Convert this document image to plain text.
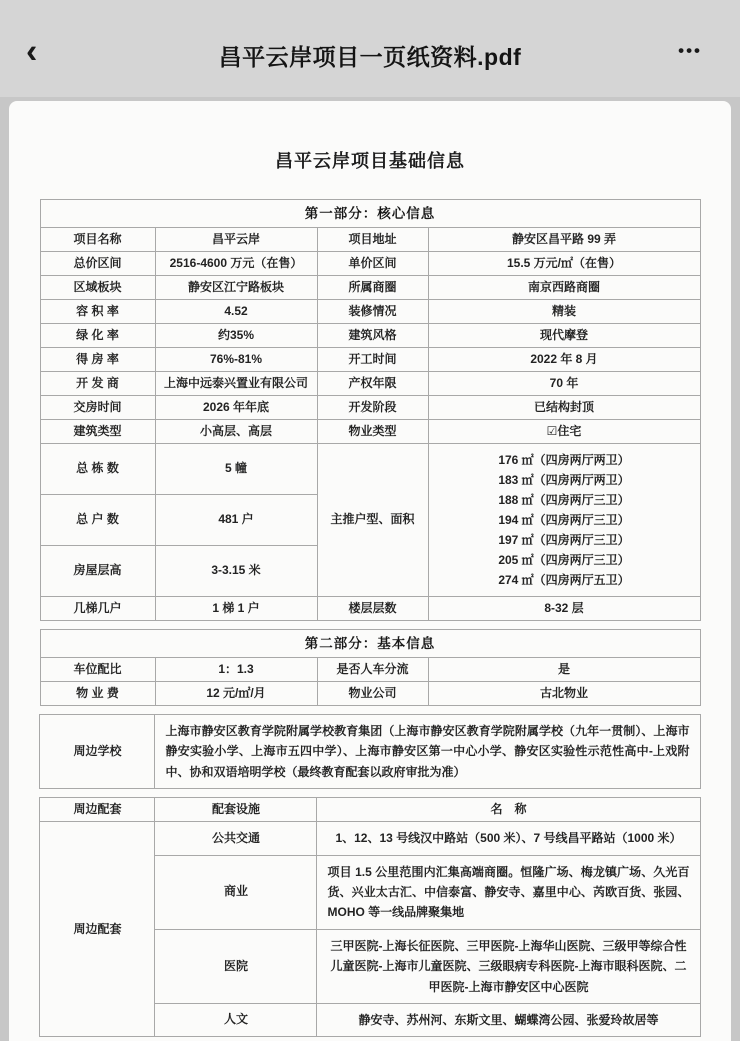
‹	昌平云岸项目一页纸资料.pdf	•••
昌平云岸项目基础信息
第一部分：核心信息			
项目名称	昌平云岸	项目地址	静安区昌平路 99 弄
总价区间	2516-4600 万元（在售）	单价区间	15.5 万元/㎡（在售）
区域板块	静安区江宁路板块	所属商圈	南京西路商圈
容 积 率	4.52	装修情况	精装
绿 化 率	约35%	建筑风格	现代摩登
得 房 率	76%-81%	开工时间	2022 年 8 月
开 发 商	上海中远泰兴置业有限公司	产权年限	70 年
交房时间	2026 年年底	开发阶段	已结构封顶
建筑类型	小高层、高层	物业类型	☑住宅
总 栋 数	5 幢	主推户型、面积	
176 ㎡（四房两厅两卫）
183 ㎡（四房两厅两卫）
188 ㎡（四房两厅三卫）
194 ㎡（四房两厅三卫）
197 ㎡（四房两厅三卫）
205 ㎡（四房两厅三卫）
274 ㎡（四房两厅五卫）

总 户 数	481 户		
房屋层高	3-3.15 米		
几梯几户	1 梯 1 户	楼层层数	8-32 层
第二部分：基本信息			
车位配比	1：1.3	是否人车分流	是
物 业 费	12 元/㎡/月	物业公司	古北物业
周边学校	上海市静安区教育学院附属学校教育集团（上海市静安区教育学院附属学校（九年一贯制）、上海市静安实验小学、上海市五四中学）、上海市静安区第一中心小学、静安区实验性示范性高中-上戏附中、协和双语培明学校（最终教育配套以政府审批为准）
周边配套	配套设施	名　称
周边配套	公共交通	1、12、13 号线汉中路站（500 米）、7 号线昌平路站（1000 米）
	商业	项目 1.5 公里范围内汇集高端商圈。恒隆广场、梅龙镇广场、久光百货、兴业太古汇、中信泰富、静安寺、嘉里中心、芮欧百货、张园、MOHO 等一线品牌聚集地
	医院	三甲医院-上海长征医院、三甲医院-上海华山医院、三级甲等综合性儿童医院-上海市儿童医院、三级眼病专科医院-上海市眼科医院、二甲医院-上海市静安区中心医院
	人文	静安寺、苏州河、东斯文里、蝴蝶湾公园、张爱玲故居等
